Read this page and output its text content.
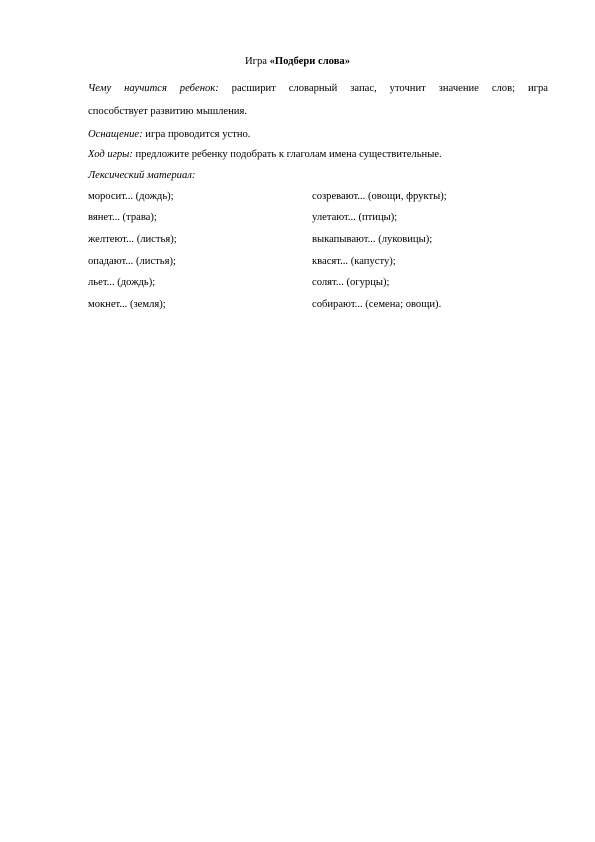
Игра «Подбери слова»
Чему научится ребенок: расширит словарный запас, уточнит значение слов; игра
способствует развитию мышления.
Оснащение: игра проводится устно.
Ход игры: предложите ребенку подобрать к глаголам имена существительные.
Лексический материал:
моросит... (дождь);	созревают... (овощи, фрукты);
вянет... (трава);	улетают... (птицы);
желтеют... (листья);	выкапывают... (луковицы);
опадают... (листья);	квасят... (капусту);
льет... (дождь);	солят... (огурцы);
мокнет... (земля);	собирают... (семена; овощи).
